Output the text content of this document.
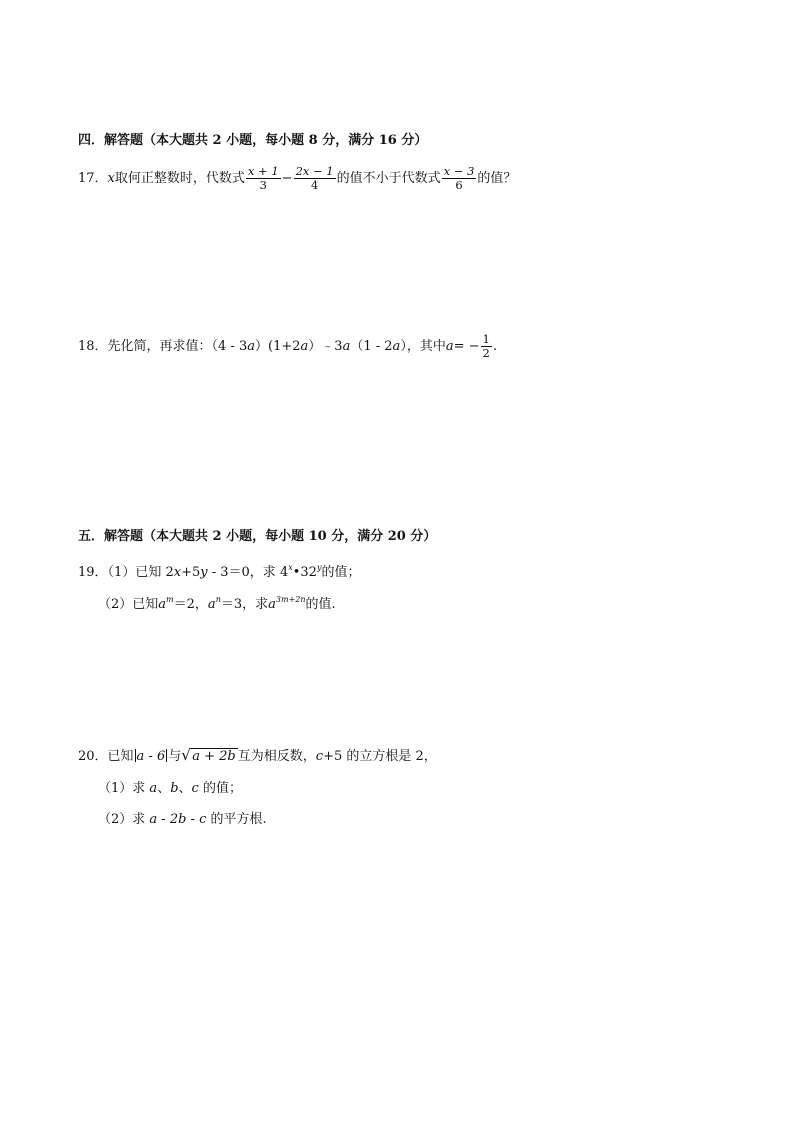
四．解答题（本大题共 2 小题，每小题 8 分，满分 16 分）
17．x取何正整数时，代数式 $\frac{x + 1}{3} - \frac{2x - 1}{4}$ 的值不小于代数式 $\frac{x - 3}{6}$ 的值？
18．先化简，再求值：（4 - 3a）(1+2a）﹣3a（1 - 2a），其中$a= - \frac{1}{2}$ .
五．解答题（本大题共 2 小题，每小题 10 分，满分 20 分）
19．（1）已知 2x+5y - 3＝0，求 4$^x$•32$^y$的值；
（2）已知$a^m=2$，$a^n=3$，求$a^{3m+2n}$的值.
20．已知 a - 6 与 √ a + 2b 互为相反数，c+5 的立方根是 2，
（1）求 a、b、c 的值；
（2）求 a - 2b - c 的平方根.
